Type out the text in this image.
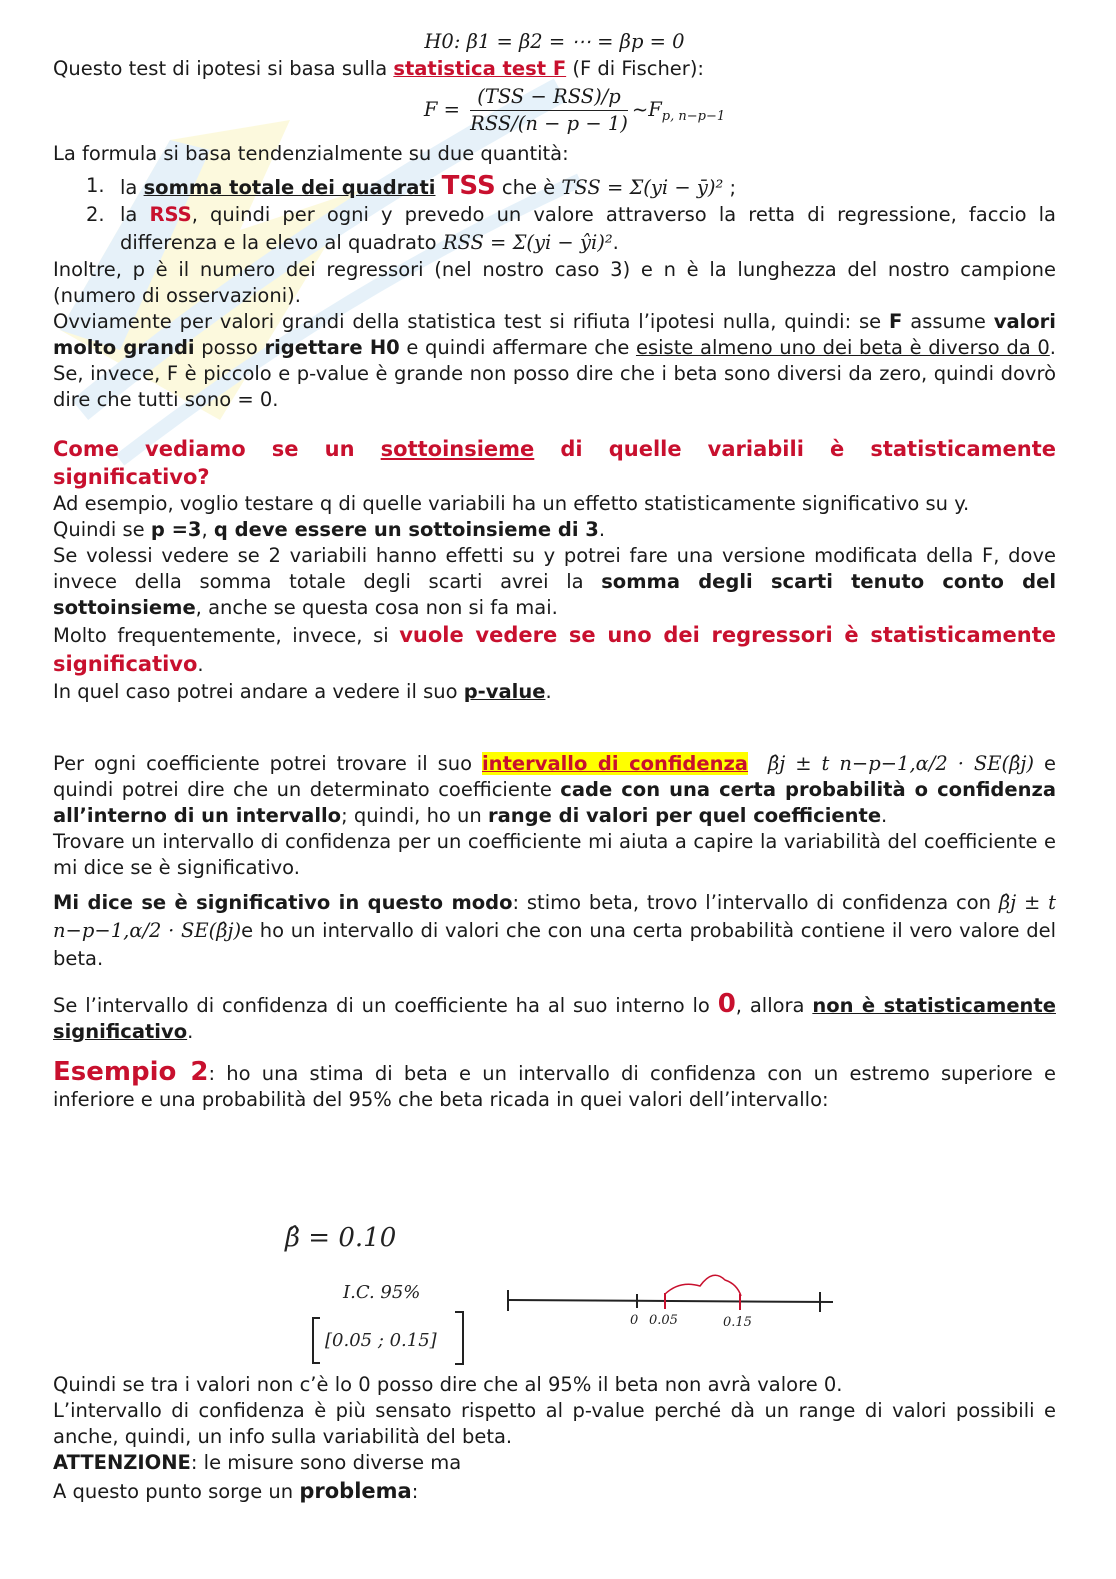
H0: β1 = β2 = ⋯ = βp = 0

Questo test di ipotesi si basa sulla statistica test F (F di Fischer):

$F = \frac{\text{(TSS − RSS)/p}}{\text{RSS/(n − p − 1)}}$ $\sim F_{p, n-p-1}$

La formula si basa tendenzialmente su due quantità:

1. la somma totale dei quadrati TSS che è TSS = Σ(yi − ȳ)² ;

2. la RSS, quindi per ogni y prevedo un valore attraverso la retta di regressione, faccio la differenza e la elevo al quadrato RSS = Σ(yi − ŷi)².

Inoltre, p è il numero dei regressori (nel nostro caso 3) e n è la lunghezza del nostro campione (numero di osservazioni).

Ovviamente per valori grandi della statistica test si rifiuta l’ipotesi nulla, quindi: se F assume valori molto grandi posso rigettare H0 e quindi affermare che esiste almeno uno dei beta è diverso da 0. Se, invece, F è piccolo e p-value è grande non posso dire che i beta sono diversi da zero, quindi dovrò dire che tutti sono = 0.

Come vediamo se un sottoinsieme di quelle variabili è statisticamente significativo?

Ad esempio, voglio testare q di quelle variabili ha un effetto statisticamente significativo su y.

Quindi se p =3, q deve essere un sottoinsieme di 3.

Se volessi vedere se 2 variabili hanno effetti su y potrei fare una versione modificata della F, dove invece della somma totale degli scarti avrei la somma degli scarti tenuto conto del sottoinsieme, anche se questa cosa non si fa mai.

Molto frequentemente, invece, si vuole vedere se uno dei regressori è statisticamente significativo.

In quel caso potrei andare a vedere il suo p-value.

Per ogni coefficiente potrei trovare il suo intervallo di confidenza β̂j ± t n−p−1,α/2 · SE(β̂j) e quindi potrei dire che un determinato coefficiente cade con una certa probabilità o confidenza all’interno di un intervallo; quindi, ho un range di valori per quel coefficiente.

Trovare un intervallo di confidenza per un coefficiente mi aiuta a capire la variabilità del coefficiente e mi dice se è significativo.

Mi dice se è significativo in questo modo: stimo beta, trovo l’intervallo di confidenza con β̂j ± t n−p−1,α/2 · SE(β̂j)e ho un intervallo di valori che con una certa probabilità contiene il vero valore del beta.

Se l’intervallo di confidenza di un coefficiente ha al suo interno lo 0, allora non è statisticamente significativo.

Esempio 2: ho una stima di beta e un intervallo di confidenza con un estremo superiore e inferiore e una probabilità del 95% che beta ricada in quei valori dell’intervallo:

β̂ = 0.10
I.C. 95%
[0.05 ; 0.15]
0 0.05	0.15

Quindi se tra i valori non c’è lo 0 posso dire che al 95% il beta non avrà valore 0.

L’intervallo di confidenza è più sensato rispetto al p-value perché dà un range di valori possibili e anche, quindi, un info sulla variabilità del beta.

ATTENZIONE: le misure sono diverse ma

A questo punto sorge un problema:
